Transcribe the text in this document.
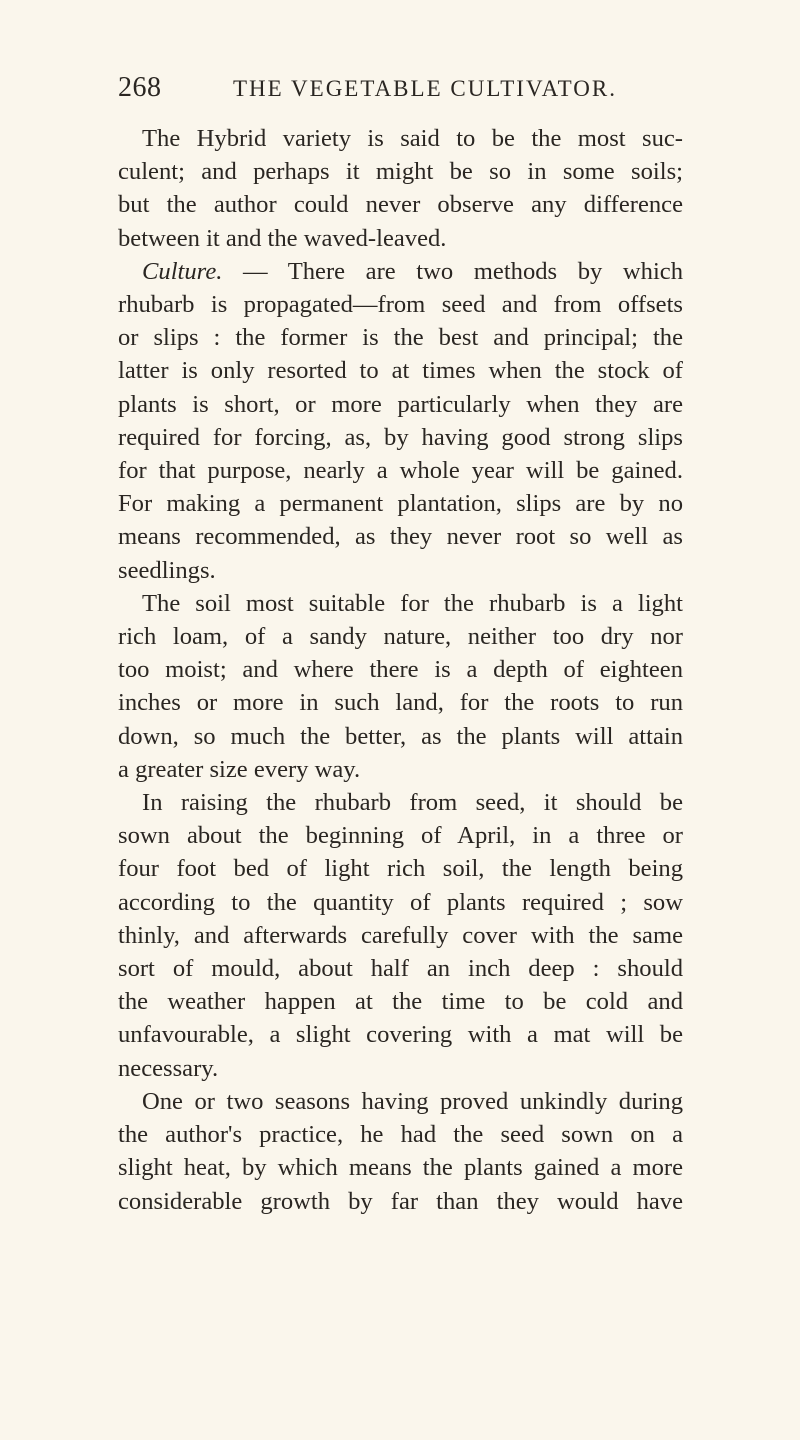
268	THE VEGETABLE CULTIVATOR.
The Hybrid variety is said to be the most suc-
culent; and perhaps it might be so in some soils;
but the author could never observe any difference
between it and the waved-leaved.
Culture. — There are two methods by which
rhubarb is propagated—from seed and from offsets
or slips : the former is the best and principal; the
latter is only resorted to at times when the stock of
plants is short, or more particularly when they are
required for forcing, as, by having good strong slips
for that purpose, nearly a whole year will be gained.
For making a permanent plantation, slips are by no
means recommended, as they never root so well as
seedlings.
The soil most suitable for the rhubarb is a light
rich loam, of a sandy nature, neither too dry nor
too moist; and where there is a depth of eighteen
inches or more in such land, for the roots to run
down, so much the better, as the plants will attain
a greater size every way.
In raising the rhubarb from seed, it should be
sown about the beginning of April, in a three or
four foot bed of light rich soil, the length being
according to the quantity of plants required ; sow
thinly, and afterwards carefully cover with the same
sort of mould, about half an inch deep : should
the weather happen at the time to be cold and
unfavourable, a slight covering with a mat will be
necessary.
One or two seasons having proved unkindly during
the author's practice, he had the seed sown on a
slight heat, by which means the plants gained a more
considerable growth by far than they would have
